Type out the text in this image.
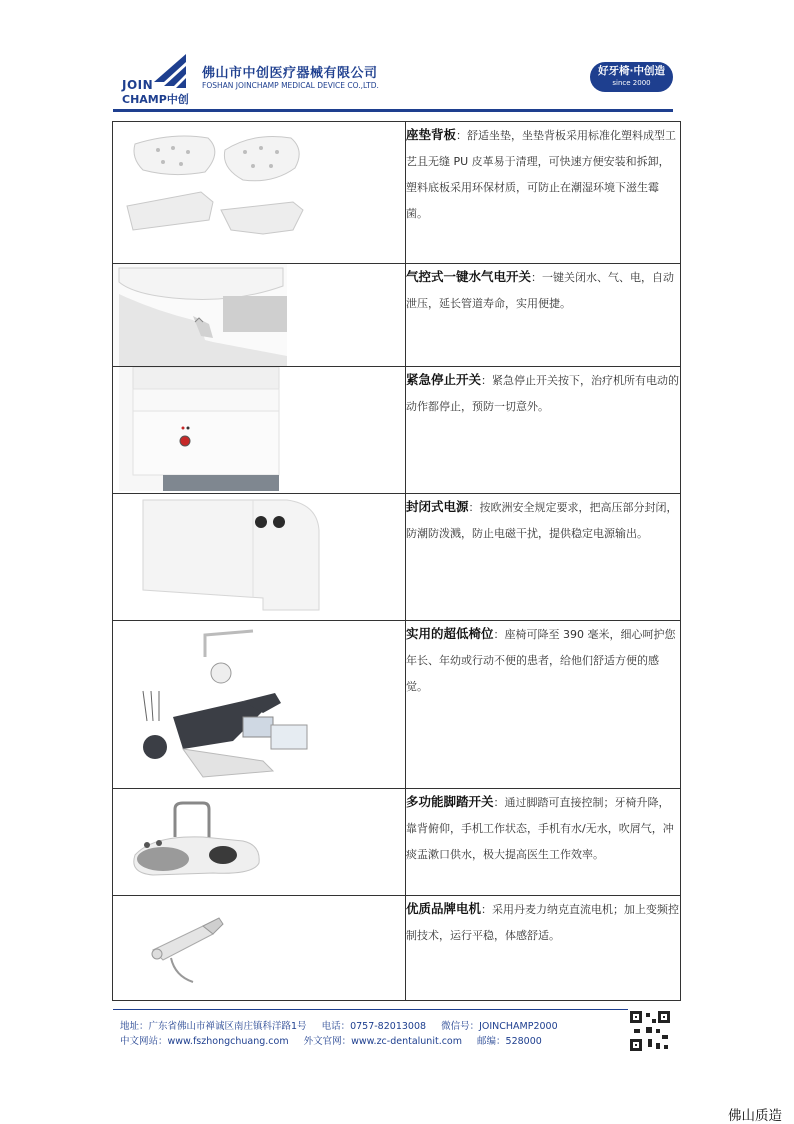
JOIN
CHAMP中创
佛山市中创医疗器械有限公司
FOSHAN JOINCHAMP MEDICAL DEVICE CO.,LTD.
好牙椅·中创造
since 2000
	座垫背板：舒适坐垫，坐垫背板采用标准化塑料成型工艺且无缝 PU 皮革易于清理，可快速方便安装和拆卸，塑料底板采用环保材质，可防止在潮湿环境下滋生霉菌。

	气控式一键水气电开关：一键关闭水、气、电，自动泄压，延长管道寿命，实用便捷。

	紧急停止开关：紧急停止开关按下，治疗机所有电动的动作都停止，预防一切意外。

	封闭式电源：按欧洲安全规定要求，把高压部分封闭，防潮防泼溅，防止电磁干扰，提供稳定电源输出。

	实用的超低椅位：座椅可降至 390 毫米，细心呵护您年长、年幼或行动不便的患者，给他们舒适方便的感觉。

	多功能脚踏开关：通过脚踏可直接控制；牙椅升降，靠背俯仰，手机工作状态，手机有水/无水，吹屑气，冲痰盂漱口供水，极大提高医生工作效率。

	优质品牌电机：采用丹麦力纳克直流电机；加上变频控制技术，运行平稳，体感舒适。
地址：广东省佛山市禅诚区南庄镇科洋路1号 电话：0757-82013008 微信号：JOINCHAMP2000
中文网站：www.fszhongchuang.com 外文官网：www.zc-dentalunit.com 邮编：528000
佛山质造
